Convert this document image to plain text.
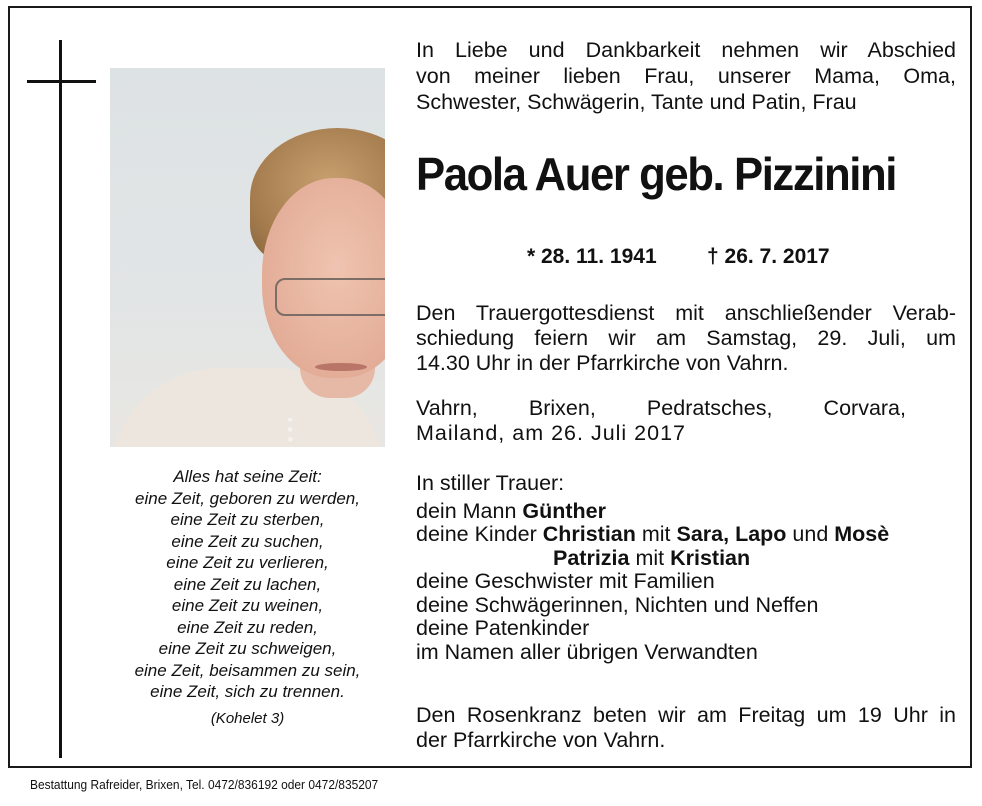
Alles hat seine Zeit:
eine Zeit, geboren zu werden,
eine Zeit zu sterben,
eine Zeit zu suchen,
eine Zeit zu verlieren,
eine Zeit zu lachen,
eine Zeit zu weinen,
eine Zeit zu reden,
eine Zeit zu schweigen,
eine Zeit, beisammen zu sein,
eine Zeit, sich zu trennen.
(Kohelet 3)
In Liebe und Dankbarkeit nehmen wir Abschied
von meiner lieben Frau, unserer Mama, Oma,
Schwester, Schwägerin, Tante und Patin, Frau
Paola Auer geb. Pizzinini
* 28. 11. 1941 † 26. 7. 2017
Den Trauergottesdienst mit anschließender Verab-
schiedung feiern wir am Samstag, 29. Juli, um
14.30 Uhr in der Pfarrkirche von Vahrn.
Vahrn, Brixen, Pedratsches, Corvara,
Mailand, am 26. Juli 2017
In stiller Trauer:
dein Mann Günther
deine Kinder Christian mit Sara, Lapo und Mosè
Patrizia mit Kristian
deine Geschwister mit Familien
deine Schwägerinnen, Nichten und Neffen
deine Patenkinder
im Namen aller übrigen Verwandten
Den Rosenkranz beten wir am Freitag um 19 Uhr in
der Pfarrkirche von Vahrn.
Bestattung Rafreider, Brixen, Tel. 0472/836192 oder 0472/835207
